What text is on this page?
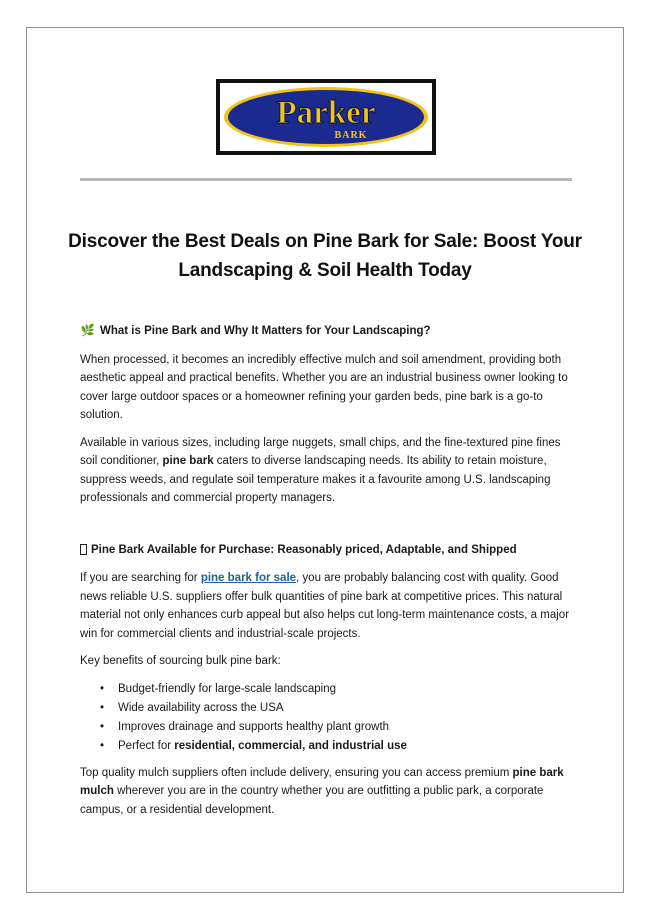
Parker
BARK
Discover the Best Deals on Pine Bark for Sale: Boost Your Landscaping & Soil Health Today
🌿 What is Pine Bark and Why It Matters for Your Landscaping?

When processed, it becomes an incredibly effective mulch and soil amendment, providing both aesthetic appeal and practical benefits. Whether you are an industrial business owner looking to cover large outdoor spaces or a homeowner refining your garden beds, pine bark is a go-to solution.

Available in various sizes, including large nuggets, small chips, and the fine-textured pine fines soil conditioner, pine bark caters to diverse landscaping needs. Its ability to retain moisture, suppress weeds, and regulate soil temperature makes it a favourite among U.S. landscaping professionals and commercial property managers.

Pine Bark Available for Purchase: Reasonably priced, Adaptable, and Shipped

If you are searching for pine bark for sale, you are probably balancing cost with quality. Good news reliable U.S. suppliers offer bulk quantities of pine bark at competitive prices. This natural material not only enhances curb appeal but also helps cut long-term maintenance costs, a major win for commercial clients and industrial-scale projects.

Key benefits of sourcing bulk pine bark:

• Budget-friendly for large-scale landscaping
• Wide availability across the USA
• Improves drainage and supports healthy plant growth
• Perfect for residential, commercial, and industrial use

Top quality mulch suppliers often include delivery, ensuring you can access premium pine bark mulch wherever you are in the country whether you are outfitting a public park, a corporate campus, or a residential development.
